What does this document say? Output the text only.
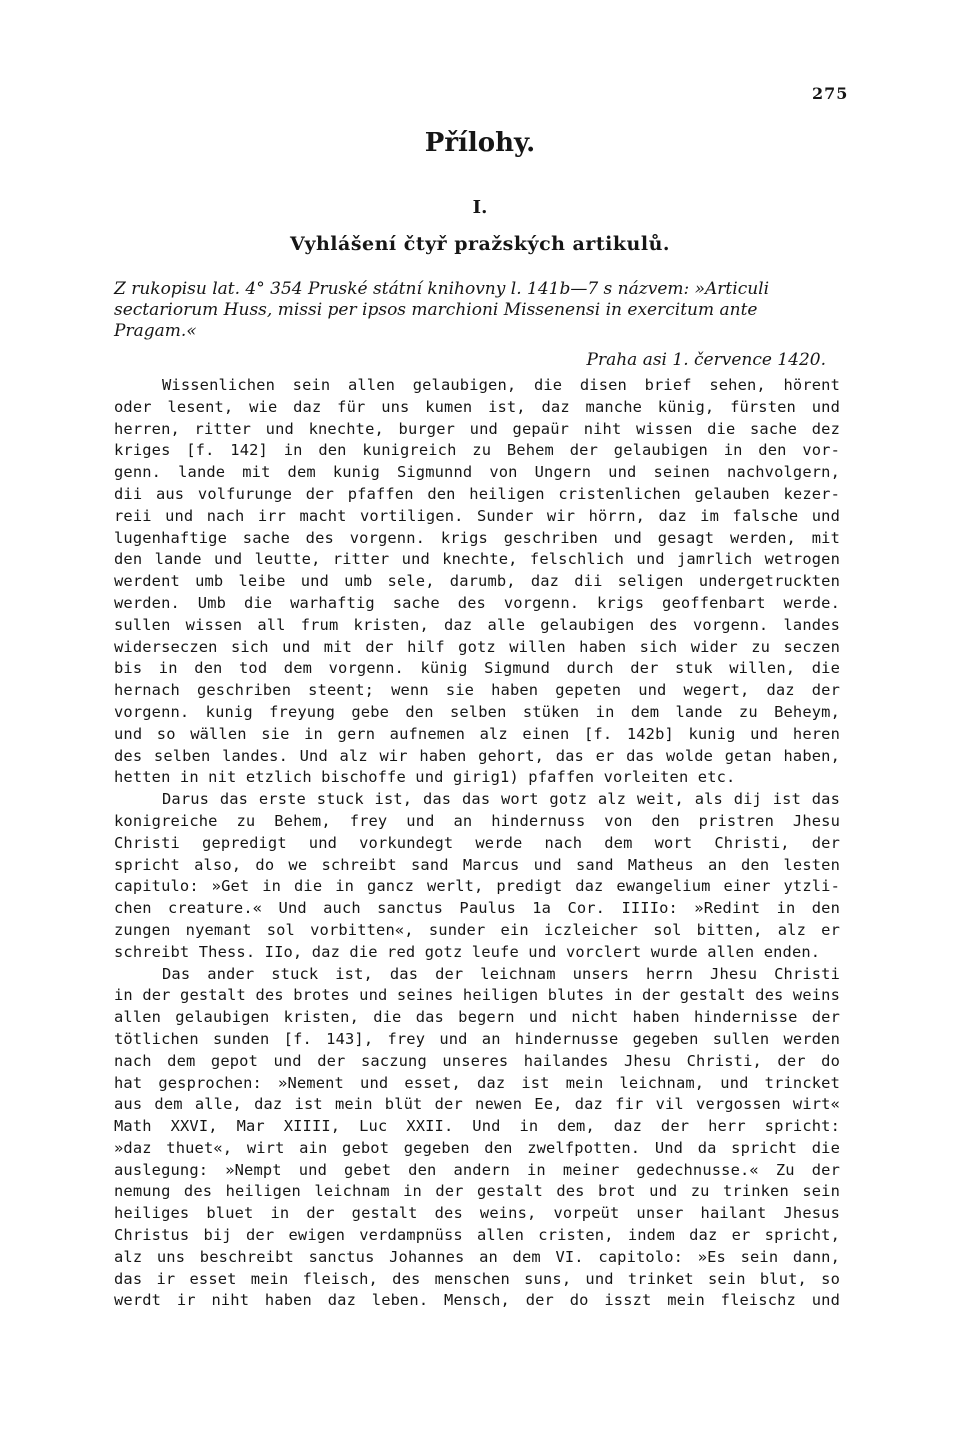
275
Přílohy.
I.
Vyhlášení čtyř pražských artikulů.

Z rukopisu lat. 4° 354 Pruské státní knihovny l. 141b—7 s názvem: »Articuli sectariorum Huss, missi per ipsos marchioni Missenensi in exercitum ante Pragam.«

Praha asi 1. července 1420.
Wissenlichen sein allen gelaubigen, die disen brief sehen, hörent
oder lesent, wie daz für uns kumen ist, daz manche künig, fürsten und
herren, ritter und knechte, burger und gepaür niht wissen die sache dez
kriges [f. 142] in den kunigreich zu Behem der gelaubigen in den vor-
genn. lande mit dem kunig Sigmunnd von Ungern und seinen nachvolgern,
dii aus volfurunge der pfaffen den heiligen cristenlichen gelauben kezer-
reii und nach irr macht vortiligen. Sunder wir hörrn, daz im falsche und
lugenhaftige sache des vorgenn. krigs geschriben und gesagt werden, mit
den lande und leutte, ritter und knechte, felschlich und jamrlich wetrogen
werdent umb leibe und umb sele, darumb, daz dii seligen undergetruckten
werden. Umb die warhaftig sache des vorgenn. krigs geoffenbart werde.
sullen wissen all frum kristen, daz alle gelaubigen des vorgenn. landes
widerseczen sich und mit der hilf gotz willen haben sich wider zu seczen
bis in den tod dem vorgenn. künig Sigmund durch der stuk willen, die
hernach geschriben steent; wenn sie haben gepeten und wegert, daz der
vorgenn. kunig freyung gebe den selben stüken in dem lande zu Beheym,
und so wällen sie in gern aufnemen alz einen [f. 142b] kunig und heren
des selben landes. Und alz wir haben gehort, das er das wolde getan haben,
hetten in nit etzlich bischoffe und girig1) pfaffen vorleiten etc.
Darus das erste stuck ist, das das wort gotz alz weit, als dij ist das
konigreiche zu Behem, frey und an hindernuss von den pristren Jhesu
Christi gepredigt und vorkundegt werde nach dem wort Christi, der
spricht also, do we schreibt sand Marcus und sand Matheus an den lesten
capitulo: »Get in die in gancz werlt, predigt daz ewangelium einer ytzli-
chen creature.« Und auch sanctus Paulus 1a Cor. IIIIo: »Redint in den
zungen nyemant sol vorbitten«, sunder ein iczleicher sol bitten, alz er
schreibt Thess. IIo, daz die red gotz leufe und vorclert wurde allen enden.
Das ander stuck ist, das der leichnam unsers herrn Jhesu Christi
in der gestalt des brotes und seines heiligen blutes in der gestalt des weins
allen gelaubigen kristen, die das begern und nicht haben hindernisse der
tötlichen sunden [f. 143], frey und an hindernusse gegeben sullen werden
nach dem gepot und der saczung unseres hailandes Jhesu Christi, der do
hat gesprochen: »Nement und esset, daz ist mein leichnam, und trincket
aus dem alle, daz ist mein blüt der newen Ee, daz fir vil vergossen wirt«
Math XXVI, Mar XIIII, Luc XXII. Und in dem, daz der herr spricht:
»daz thuet«, wirt ain gebot gegeben den zwelfpotten. Und da spricht die
auslegung: »Nempt und gebet den andern in meiner gedechnusse.« Zu der
nemung des heiligen leichnam in der gestalt des brot und zu trinken sein
heiliges bluet in der gestalt des weins, vorpeüt unser hailant Jhesus
Christus bij der ewigen verdampnüss allen cristen, indem daz er spricht,
alz uns beschreibt sanctus Johannes an dem VI. capitolo: »Es sein dann,
das ir esset mein fleisch, des menschen suns, und trinket sein blut, so
werdt ir niht haben daz leben. Mensch, der do isszt mein fleischz und
